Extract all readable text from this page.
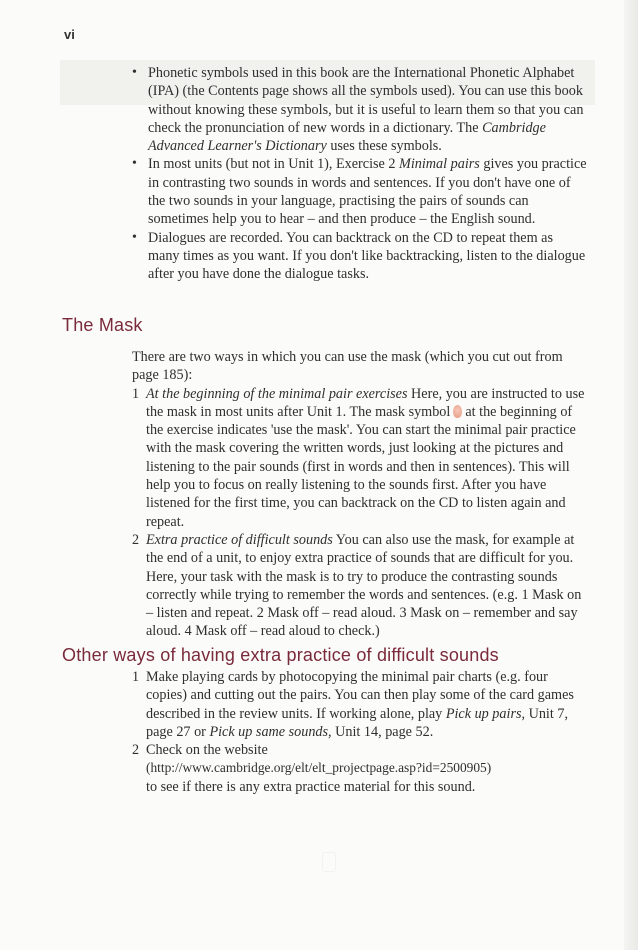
vi
• Phonetic symbols used in this book are the International Phonetic Alphabet (IPA) (the Contents page shows all the symbols used). You can use this book without knowing these symbols, but it is useful to learn them so that you can check the pronunciation of new words in a dictionary. The Cambridge Advanced Learner's Dictionary uses these symbols.
• In most units (but not in Unit 1), Exercise 2 Minimal pairs gives you practice in contrasting two sounds in words and sentences. If you don't have one of the two sounds in your language, practising the pairs of sounds can sometimes help you to hear – and then produce – the English sound.
• Dialogues are recorded. You can backtrack on the CD to repeat them as many times as you want. If you don't like backtracking, listen to the dialogue after you have done the dialogue tasks.
The Mask
There are two ways in which you can use the mask (which you cut out from page 185):
1 At the beginning of the minimal pair exercises Here, you are instructed to use the mask in most units after Unit 1. The mask symbol at the beginning of the exercise indicates 'use the mask'. You can start the minimal pair practice with the mask covering the written words, just looking at the pictures and listening to the pair sounds (first in words and then in sentences). This will help you to focus on really listening to the sounds first. After you have listened for the first time, you can backtrack on the CD to listen again and repeat.
2 Extra practice of difficult sounds You can also use the mask, for example at the end of a unit, to enjoy extra practice of sounds that are difficult for you. Here, your task with the mask is to try to produce the contrasting sounds correctly while trying to remember the words and sentences. (e.g. 1 Mask on – listen and repeat. 2 Mask off – read aloud. 3 Mask on – remember and say aloud. 4 Mask off – read aloud to check.)
Other ways of having extra practice of difficult sounds
1 Make playing cards by photocopying the minimal pair charts (e.g. four copies) and cutting out the pairs. You can then play some of the card games described in the review units. If working alone, play Pick up pairs, Unit 7, page 27 or Pick up same sounds, Unit 14, page 52.
2 Check on the website
(http://www.cambridge.org/elt/elt_projectpage.asp?id=2500905)
to see if there is any extra practice material for this sound.
